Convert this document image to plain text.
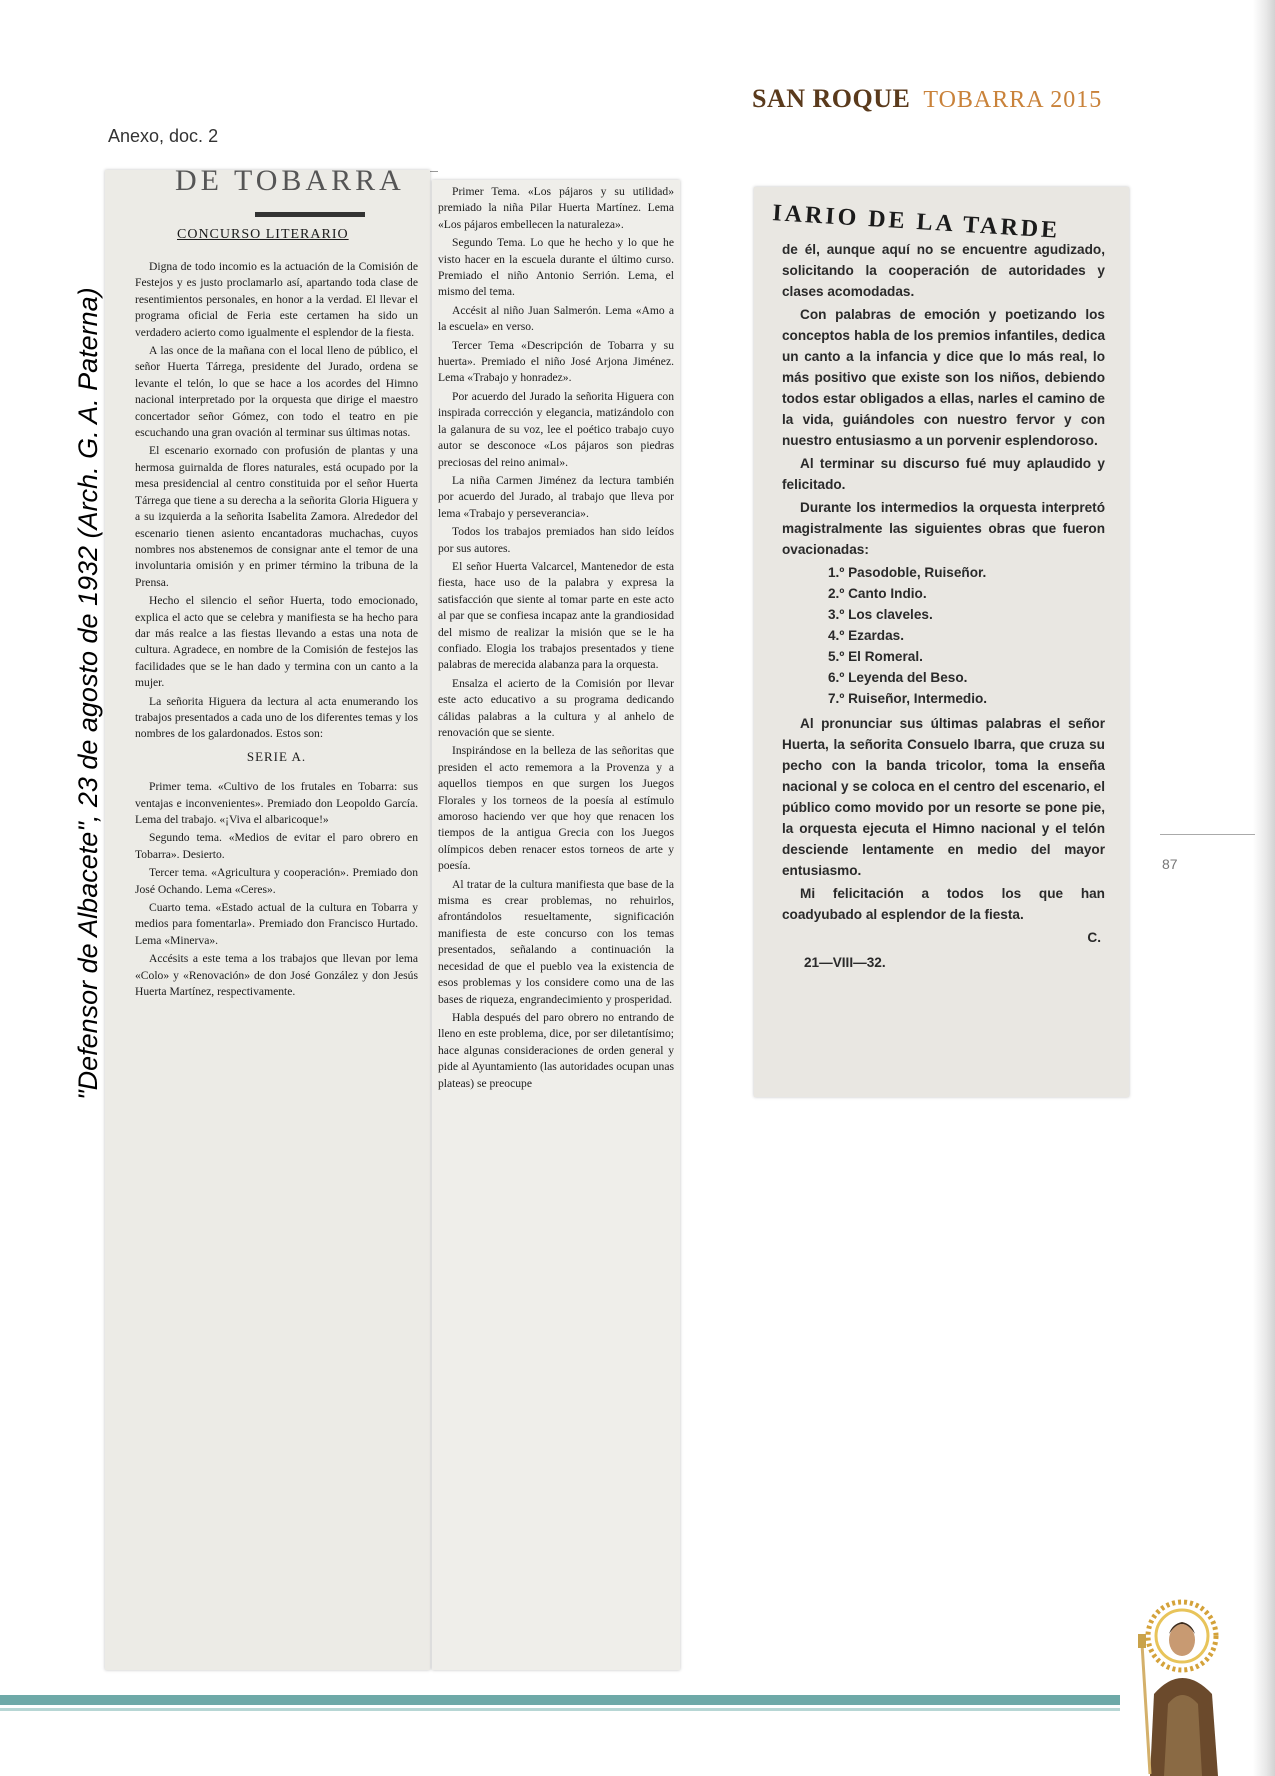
SAN ROQUE TOBARRA 2015
Anexo, doc. 2
"Defensor de Albacete", 23 de agosto de 1932 (Arch. G. A. Paterna)
DE TOBARRA
CONCURSO LITERARIO

Digna de todo incomio es la actuación de la Comisión de Festejos y es justo proclamarlo así, apartando toda clase de resentimientos personales, en honor a la verdad. El llevar el programa oficial de Feria este certamen ha sido un verdadero acierto como igualmente el esplendor de la fiesta.

A las once de la mañana con el local lleno de público, el señor Huerta Tárrega, presidente del Jurado, ordena se levante el telón, lo que se hace a los acordes del Himno nacional interpretado por la orquesta que dirige el maestro concertador señor Gómez, con todo el teatro en pie escuchando una gran ovación al terminar sus últimas notas.

El escenario exornado con profusión de plantas y una hermosa guirnalda de flores naturales, está ocupado por la mesa presidencial al centro constituida por el señor Huerta Tárrega que tiene a su derecha a la señorita Gloria Higuera y a su izquierda a la señorita Isabelita Zamora. Alrededor del escenario tienen asiento encantadoras muchachas, cuyos nombres nos abstenemos de consignar ante el temor de una involuntaria omisión y en primer término la tribuna de la Prensa.

Hecho el silencio el señor Huerta, todo emocionado, explica el acto que se celebra y manifiesta se ha hecho para dar más realce a las fiestas llevando a estas una nota de cultura. Agradece, en nombre de la Comisión de festejos las facilidades que se le han dado y termina con un canto a la mujer.

La señorita Higuera da lectura al acta enumerando los trabajos presentados a cada uno de los diferentes temas y los nombres de los galardonados. Estos son:

SERIE A.

Primer tema. «Cultivo de los frutales en Tobarra: sus ventajas e inconvenientes». Premiado don Leopoldo García. Lema del trabajo. «¡Viva el albaricoque!»

Segundo tema. «Medios de evitar el paro obrero en Tobarra». Desierto.

Tercer tema. «Agricultura y cooperación». Premiado don José Ochando. Lema «Ceres».

Cuarto tema. «Estado actual de la cultura en Tobarra y medios para fomentarla». Premiado don Francisco Hurtado. Lema «Minerva».

Accésits a este tema a los trabajos que llevan por lema «Colo» y «Renovación» de don José González y don Jesús Huerta Martínez, respectivamente.

Primer Tema. «Los pájaros y su utilidad» premiado la niña Pilar Huerta Martínez. Lema «Los pájaros embellecen la naturaleza».

Segundo Tema. Lo que he hecho y lo que he visto hacer en la escuela durante el último curso. Premiado el niño Antonio Serrión. Lema, el mismo del tema.

Accésit al niño Juan Salmerón. Lema «Amo a la escuela» en verso.

Tercer Tema «Descripción de Tobarra y su huerta». Premiado el niño José Arjona Jiménez. Lema «Trabajo y honradez».

Por acuerdo del Jurado la señorita Higuera con inspirada corrección y elegancia, matizándolo con la galanura de su voz, lee el poético trabajo cuyo autor se desconoce «Los pájaros son piedras preciosas del reino animal».

La niña Carmen Jiménez da lectura también por acuerdo del Jurado, al trabajo que lleva por lema «Trabajo y perseverancia».

Todos los trabajos premiados han sido leídos por sus autores.

El señor Huerta Valcarcel, Mantenedor de esta fiesta, hace uso de la palabra y expresa la satisfacción que siente al tomar parte en este acto al par que se confiesa incapaz ante la grandiosidad del mismo de realizar la misión que se le ha confiado. Elogia los trabajos presentados y tiene palabras de merecida alabanza para la orquesta.

Ensalza el acierto de la Comisión por llevar este acto educativo a su programa dedicando cálidas palabras a la cultura y al anhelo de renovación que se siente.

Inspirándose en la belleza de las señoritas que presiden el acto rememora a la Provenza y a aquellos tiempos en que surgen los Juegos Florales y los torneos de la poesía al estímulo amoroso haciendo ver que hoy que renacen los tiempos de la antigua Grecia con los Juegos olímpicos deben renacer estos torneos de arte y poesía.

Al tratar de la cultura manifiesta que base de la misma es crear problemas, no rehuirlos, afrontándolos resueltamente, significación manifiesta de este concurso con los temas presentados, señalando a continuación la necesidad de que el pueblo vea la existencia de esos problemas y los considere como una de las bases de riqueza, engrandecimiento y prosperidad.

Habla después del paro obrero no entrando de lleno en este problema, dice, por ser diletantísimo; hace algunas consideraciones de orden general y pide al Ayuntamiento (las autoridades ocupan unas plateas) se preocupe

IARIO DE LA TARDE

de él, aunque aquí no se encuentre agudizado, solicitando la cooperación de autoridades y clases acomodadas.

Con palabras de emoción y poetizando los conceptos habla de los premios infantiles, dedica un canto a la infancia y dice que lo más real, lo más positivo que existe son los niños, debiendo todos estar obligados a ellas, narles el camino de la vida, guiándoles con nuestro fervor y con nuestro entusiasmo a un porvenir esplendoroso.

Al terminar su discurso fué muy aplaudido y felicitado.

Durante los intermedios la orquesta interpretó magistralmente las siguientes obras que fueron ovacionadas:

1.º Pasodoble, Ruiseñor.
2.º Canto Indio.
3.º Los claveles.
4.º Ezardas.
5.º El Romeral.
6.º Leyenda del Beso.
7.º Ruiseñor, Intermedio.

Al pronunciar sus últimas palabras el señor Huerta, la señorita Consuelo Ibarra, que cruza su pecho con la banda tricolor, toma la enseña nacional y se coloca en el centro del escenario, el público como movido por un resorte se pone pie, la orquesta ejecuta el Himno nacional y el telón desciende lentamente en medio del mayor entusiasmo.

Mi felicitación a todos los que han coadyubado al esplendor de la fiesta.

C.
21—VIII—32.
87
